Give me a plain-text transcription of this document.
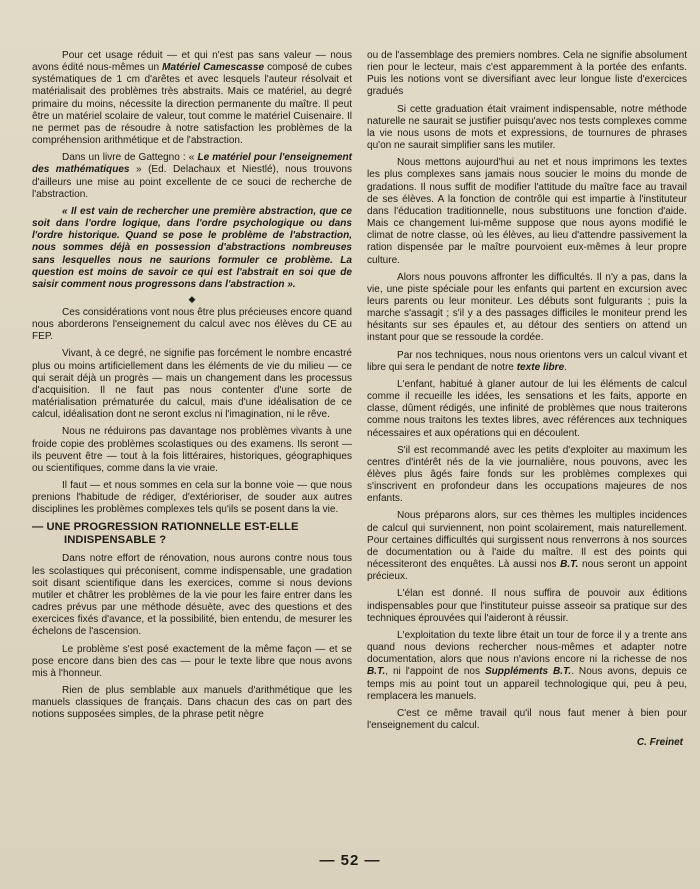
Pour cet usage réduit — et qui n'est pas sans valeur — nous avons édité nous-mêmes un Matériel Camescasse composé de cubes systématiques de 1 cm d'arêtes et avec lesquels l'auteur résolvait et matérialisait des problèmes très abstraits. Mais ce matériel, au degré primaire du moins, nécessite la direction permanente du maître. Il peut être un matériel scolaire de valeur, tout comme le matériel Cuisenaire. Il ne permet pas de résoudre à notre satisfaction les problèmes de la compréhension arithmétique et de l'abstraction.

Dans un livre de Gattegno : « Le matériel pour l'enseignement des mathématiques » (Ed. Delachaux et Niestlé), nous trouvons d'ailleurs une mise au point excellente de ce souci de recherche de l'abstraction.

« Il est vain de rechercher une première abstraction, que ce soit dans l'ordre logique, dans l'ordre psychologique ou dans l'ordre historique. Quand se pose le problème de l'abstraction, nous sommes déjà en possession d'abstractions nombreuses sans lesquelles nous ne saurions formuler ce problème. La question est moins de savoir ce qui est l'abstrait en soi que de saisir comment nous progressons dans l'abstraction ».

◆

Ces considérations vont nous être plus précieuses encore quand nous aborderons l'enseignement du calcul avec nos élèves du CE au FEP.

Vivant, à ce degré, ne signifie pas forcément le nombre encastré plus ou moins artificiellement dans les éléments de vie du milieu — ce qui serait déjà un progrès — mais un changement dans les processus d'acquisition. Il ne faut pas nous contenter d'une sorte de matérialisation prématurée du calcul, mais d'une idéalisation de ce calcul, idéalisation dont ne seront exclus ni l'imagination, ni le rêve.

Nous ne réduirons pas davantage nos problèmes vivants à une froide copie des problèmes scolastiques ou des examens. Ils seront — ils peuvent être — tout à la fois littéraires, historiques, géographiques ou scientifiques, comme dans la vie vraie.

Il faut — et nous sommes en cela sur la bonne voie — que nous prenions l'habitude de rédiger, d'extérioriser, de souder aux autres disciplines les problèmes complexes tels qu'ils se posent dans la vie.

— UNE PROGRESSION RATIONNELLE EST-ELLE
INDISPENSABLE ?

Dans notre effort de rénovation, nous aurons contre nous tous les scolastiques qui préconisent, comme indispensable, une gradation soit disant scientifique dans les exercices, comme si nous devions mutiler et châtrer les problèmes de la vie pour les faire entrer dans les cadres prévus par une méthode désuète, avec des questions et des exercices fixés d'avance, et la possibilité, bien entendu, de mesurer les échelons de l'ascension.

Le problème s'est posé exactement de la même façon — et se pose encore dans bien des cas — pour le texte libre que nous avons mis à l'honneur.

Rien de plus semblable aux manuels d'arithmétique que les manuels classiques de français. Dans chacun des cas on part des notions supposées simples, de la phrase petit nègre

ou de l'assemblage des premiers nombres. Cela ne signifie absolument rien pour le lecteur, mais c'est apparemment à la portée des enfants. Puis les notions vont se diversifiant avec leur longue liste d'exercices gradués

Si cette graduation était vraiment indispensable, notre méthode naturelle ne saurait se justifier puisqu'avec nos tests complexes comme la vie nous usons de mots et expressions, de tournures de phrases qu'on ne saurait simplifier sans les mutiler.

Nous mettons aujourd'hui au net et nous imprimons les textes les plus complexes sans jamais nous soucier le moins du monde de gradations. Il nous suffit de modifier l'attitude du maître face au travail de ses élèves. A la fonction de contrôle qui est impartie à l'instituteur dans l'éducation traditionnelle, nous substituons une fonction d'aide. Mais ce changement lui-même suppose que nous ayons modifié le climat de notre classe, où les élèves, au lieu d'attendre passivement la ration dispensée par le maître pourvoient eux-mêmes à leur propre culture.

Alors nous pouvons affronter les difficultés. Il n'y a pas, dans la vie, une piste spéciale pour les enfants qui partent en excursion avec leurs parents ou leur moniteur. Les débuts sont fulgurants ; puis la marche s'assagit ; s'il y a des passages difficiles le moniteur prend les hésitants sur ses épaules et, au détour des sentiers on attend un instant pour que se ressoude la cordée.

Par nos techniques, nous nous orientons vers un calcul vivant et libre qui sera le pendant de notre texte libre.

L'enfant, habitué à glaner autour de lui les éléments de calcul comme il recueille les idées, les sensations et les faits, apporte en classe, dûment rédigés, une infinité de problèmes que nous traiterons comme nous traitons les textes libres, avec références aux techniques nécessaires et aux opérations qui en découlent.

S'il est recommandé avec les petits d'exploiter au maximum les centres d'intérêt nés de la vie journalière, nous pouvons, avec les élèves plus âgés faire fonds sur les problèmes complexes qui s'inscrivent en profondeur dans les occupations majeures de nos enfants.

Nous préparons alors, sur ces thèmes les multiples incidences de calcul qui surviennent, non point scolairement, mais naturellement. Pour certaines difficultés qui surgissent nous renverrons à nos sources de documentation ou à l'aide du maître. Il est des points qui nécessiteront des enquêtes. Là aussi nos B.T. nous seront un appoint précieux.

L'élan est donné. Il nous suffira de pouvoir aux éditions indispensables pour que l'instituteur puisse asseoir sa pratique sur des techniques éprouvées qui l'aideront à réussir.

L'exploitation du texte libre était un tour de force il y a trente ans quand nous devions rechercher nous-mêmes et adapter notre documentation, alors que nous n'avions encore ni la richesse de nos B.T., ni l'appoint de nos Suppléments B.T.. Nous avons, depuis ce temps mis au point tout un appareil technologique qui, peu à peu, remplacera les manuels.

C'est ce même travail qu'il nous faut mener à bien pour l'enseignement du calcul.

C. Freinet
— 52 —
